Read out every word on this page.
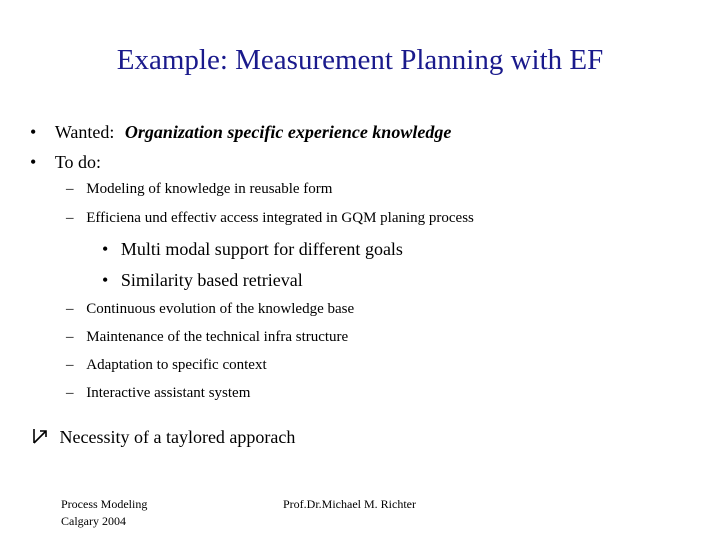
Example: Measurement Planning with EF
• Wanted: Organization specific experience knowledge
• To do:
– Modeling of knowledge in reusable form
– Efficiena und effectiv access integrated in GQM planing process
• Multi modal support for different goals
• Similarity based retrieval
– Continuous evolution of the knowledge base
– Maintenance of the technical infra structure
– Adaptation to specific context
– Interactive assistant system
Necessity of a taylored apporach
Process Modeling
Calgary 2004
Prof.Dr.Michael M. Richter
